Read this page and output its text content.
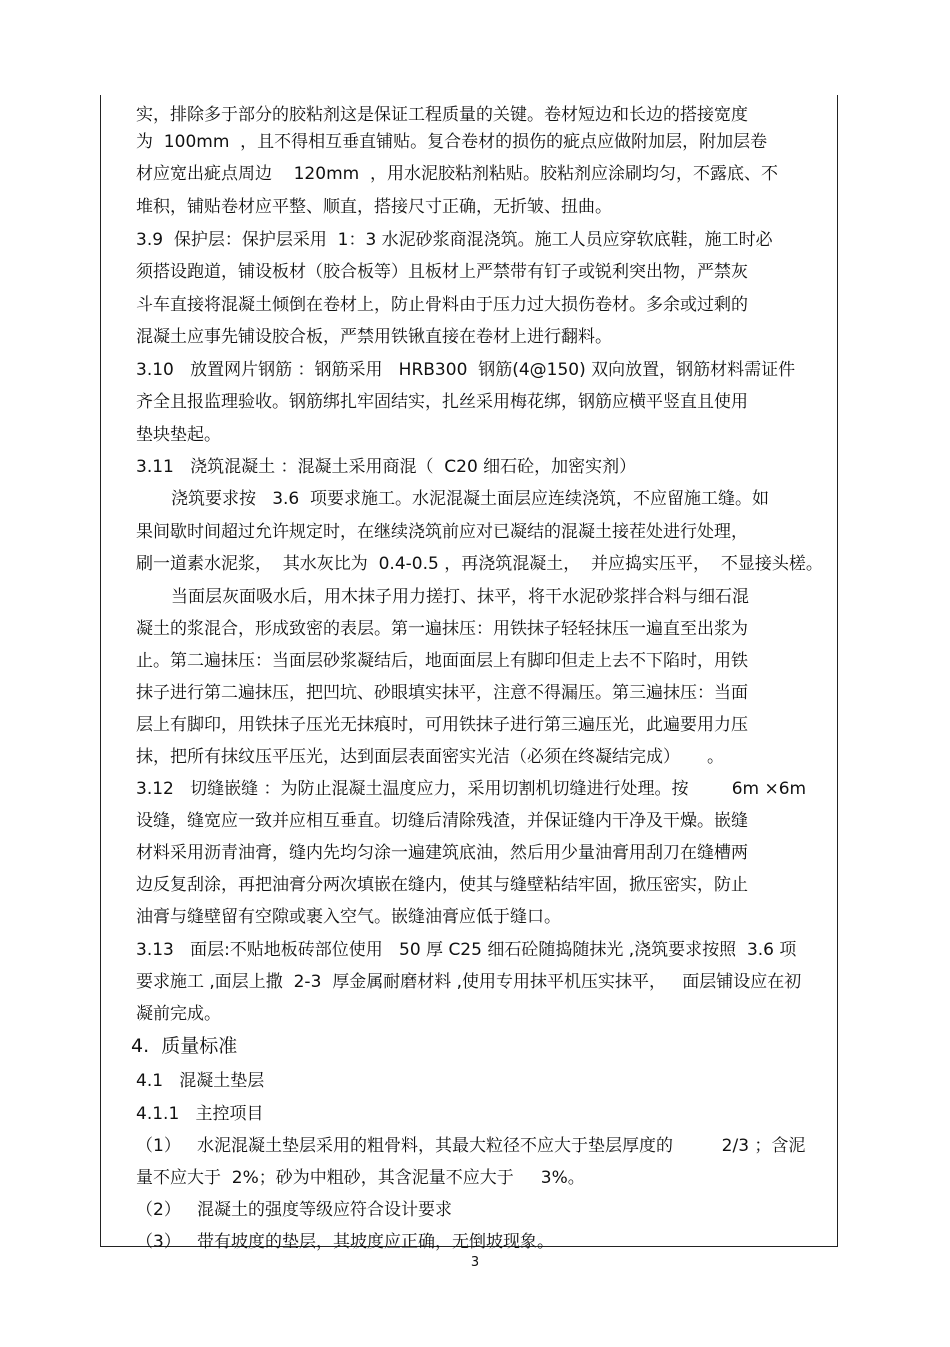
实，排除多于部分的胶粘剂这是保证工程质量的关键。卷材短边和长边的搭接宽度
为  100mm  ，且不得相互垂直铺贴。复合卷材的损伤的疵点应做附加层，附加层卷
材应宽出疵点周边    120mm  ，用水泥胶粘剂粘贴。胶粘剂应涂刷均匀，不露底、不
堆积，铺贴卷材应平整、顺直，搭接尺寸正确，无折皱、扭曲。
3.9  保护层：保护层采用  1：3 水泥砂浆商混浇筑。施工人员应穿软底鞋，施工时必
须搭设跑道，铺设板材（胶合板等）且板材上严禁带有钉子或锐利突出物，严禁灰
斗车直接将混凝土倾倒在卷材上，防止骨料由于压力过大损伤卷材。多余或过剩的
混凝土应事先铺设胶合板，严禁用铁锹直接在卷材上进行翻料。
3.10   放置网片钢筋 ：钢筋采用   HRB300  钢筋(4@150) 双向放置，钢筋材料需证件
齐全且报监理验收。钢筋绑扎牢固结实，扎丝采用梅花绑，钢筋应横平竖直且使用
垫块垫起。
3.11   浇筑混凝土 ：混凝土采用商混（  C20 细石砼，加密实剂）
浇筑要求按   3.6  项要求施工。水泥混凝土面层应连续浇筑，不应留施工缝。如
果间歇时间超过允许规定时，在继续浇筑前应对已凝结的混凝土接茬处进行处理，
刷一道素水泥浆，  其水灰比为  0.4-0.5 ，再浇筑混凝土，  并应捣实压平，  不显接头槎。
当面层灰面吸水后，用木抹子用力搓打、抹平，将干水泥砂浆拌合料与细石混
凝土的浆混合，形成致密的表层。第一遍抹压：用铁抹子轻轻抹压一遍直至出浆为
止。第二遍抹压：当面层砂浆凝结后，地面面层上有脚印但走上去不下陷时，用铁
抹子进行第二遍抹压，把凹坑、砂眼填实抹平，注意不得漏压。第三遍抹压：当面
层上有脚印，用铁抹子压光无抹痕时，可用铁抹子进行第三遍压光，此遍要用力压
抹，把所有抹纹压平压光，达到面层表面密实光洁（必须在终凝结完成）     。
3.12   切缝嵌缝 ：为防止混凝土温度应力，采用切割机切缝进行处理。按        6m ×6m
设缝，缝宽应一致并应相互垂直。切缝后清除残渣，并保证缝内干净及干燥。嵌缝
材料采用沥青油膏，缝内先均匀涂一遍建筑底油，然后用少量油膏用刮刀在缝槽两
边反复刮涂，再把油膏分两次填嵌在缝内，使其与缝壁粘结牢固，掀压密实，防止
油膏与缝壁留有空隙或裹入空气。嵌缝油膏应低于缝口。
3.13   面层:不贴地板砖部位使用   50 厚 C25 细石砼随捣随抹光 ,浇筑要求按照  3.6 项
要求施工 ,面层上撒  2-3  厚金属耐磨材料 ,使用专用抹平机压实抹平，   面层铺设应在初
凝前完成。
4.  质量标准
4.1   混凝土垫层
4.1.1   主控项目
（1）   水泥混凝土垫层采用的粗骨料，其最大粒径不应大于垫层厚度的         2/3 ；含泥
量不应大于  2%；砂为中粗砂，其含泥量不应大于     3%。
（2）   混凝土的强度等级应符合设计要求
（3）   带有坡度的垫层，其坡度应正确，无倒坡现象。
3
